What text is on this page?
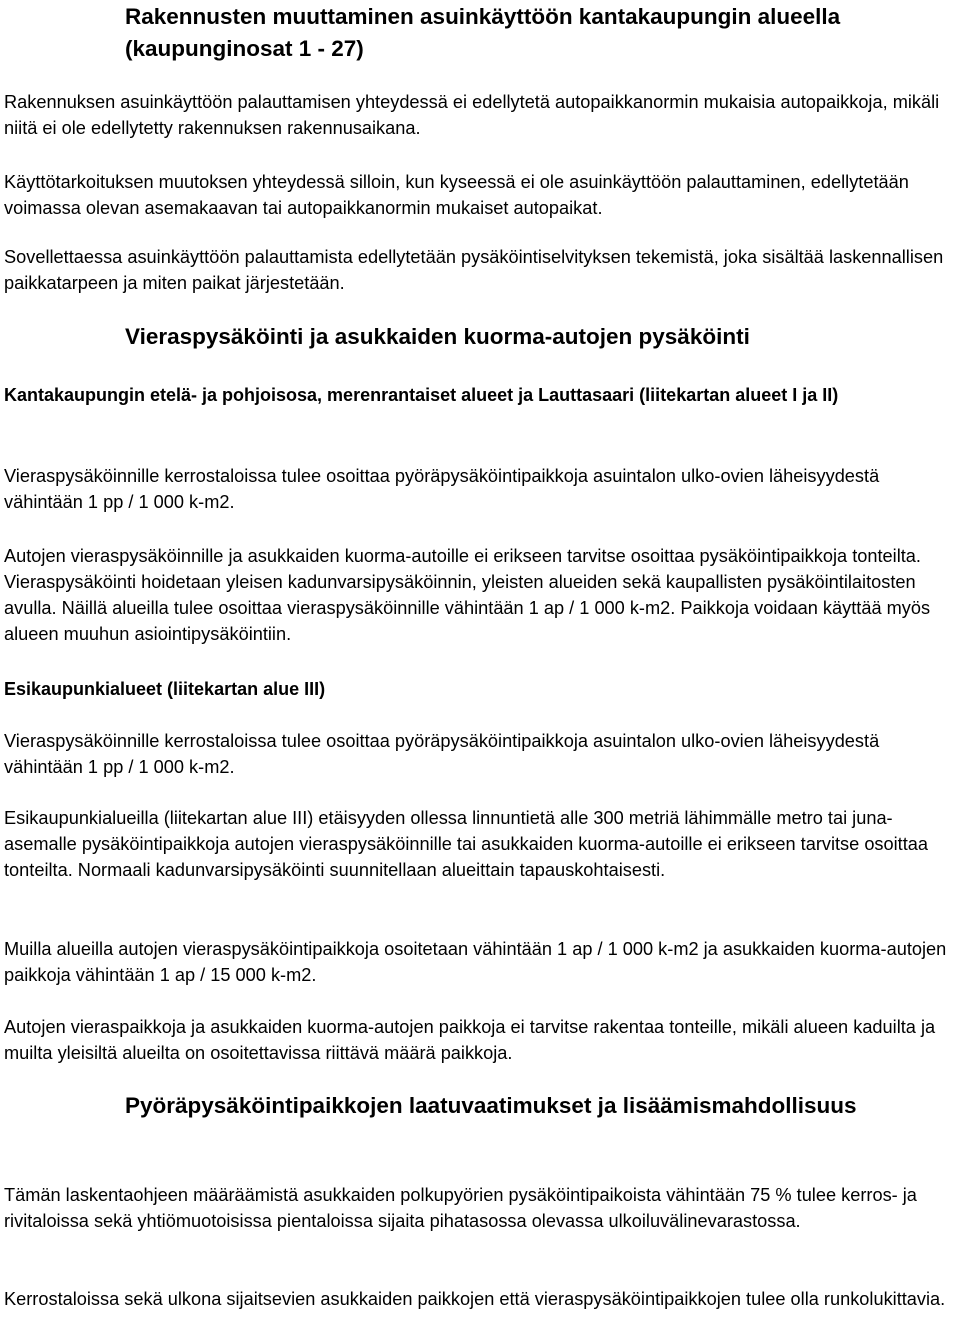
Rakennusten muuttaminen asuinkäyttöön kantakaupungin alueella (kaupunginosat 1 - 27)

Rakennuksen asuinkäyttöön palauttamisen yhteydessä ei edellytetä autopaikkanormin mukaisia autopaikkoja, mikäli niitä ei ole edellytetty rakennuksen rakennusaikana.

Käyttötarkoituksen muutoksen yhteydessä silloin, kun kyseessä ei ole asuinkäyttöön palauttaminen, edellytetään voimassa olevan asemakaavan tai autopaikkanormin mukaiset autopaikat.

Sovellettaessa asuinkäyttöön palauttamista edellytetään pysäköintiselvityksen tekemistä, joka sisältää laskennallisen paikkatarpeen ja miten paikat järjestetään.

Vieraspysäköinti ja asukkaiden kuorma-autojen pysäköinti
Kantakaupungin etelä- ja pohjoisosa, merenrantaiset alueet ja Lauttasaari (liitekartan alueet I ja II)

Vieraspysäköinnille kerrostaloissa tulee osoittaa pyöräpysäköintipaikkoja asuintalon ulko-ovien läheisyydestä vähintään 1 pp / 1 000 k-m2.

Autojen vieraspysäköinnille ja asukkaiden kuorma-autoille ei erikseen tarvitse osoittaa pysäköintipaikkoja tonteilta. Vieraspysäköinti hoidetaan yleisen kadunvarsipysäköinnin, yleisten alueiden sekä kaupallisten pysäköintilaitosten avulla. Näillä alueilla tulee osoittaa vieraspysäköinnille vähintään 1 ap / 1 000 k-m2. Paikkoja voidaan käyttää myös alueen muuhun asiointipysäköintiin.

Esikaupunkialueet (liitekartan alue III)

Vieraspysäköinnille kerrostaloissa tulee osoittaa pyöräpysäköintipaikkoja asuintalon ulko-ovien läheisyydestä vähintään 1 pp / 1 000 k-m2.

Esikaupunkialueilla (liitekartan alue III) etäisyyden ollessa linnuntietä alle 300 metriä lähimmälle metro tai juna-asemalle pysäköintipaikkoja autojen vieraspysäköinnille tai asukkaiden kuorma-autoille ei erikseen tarvitse osoittaa tonteilta. Normaali kadunvarsipysäköinti suunnitellaan alueittain tapauskohtaisesti.

Muilla alueilla autojen vieraspysäköintipaikkoja osoitetaan vähintään 1 ap / 1 000 k-m2 ja asukkaiden kuorma-autojen paikkoja vähintään 1 ap / 15 000 k-m2.

Autojen vieraspaikkoja ja asukkaiden kuorma-autojen paikkoja ei tarvitse rakentaa tonteille, mikäli alueen kaduilta ja muilta yleisiltä alueilta on osoitettavissa riittävä määrä paikkoja.

Pyöräpysäköintipaikkojen laatuvaatimukset ja lisäämismahdollisuus

Tämän laskentaohjeen määräämistä asukkaiden polkupyörien pysäköintipaikoista vähintään 75 % tulee kerros- ja rivitaloissa sekä yhtiömuotoisissa pientaloissa sijaita pihatasossa olevassa ulkoiluvälinevarastossa.

Kerrostaloissa sekä ulkona sijaitsevien asukkaiden paikkojen että vieraspysäköintipaikkojen tulee olla runkolukittavia.
